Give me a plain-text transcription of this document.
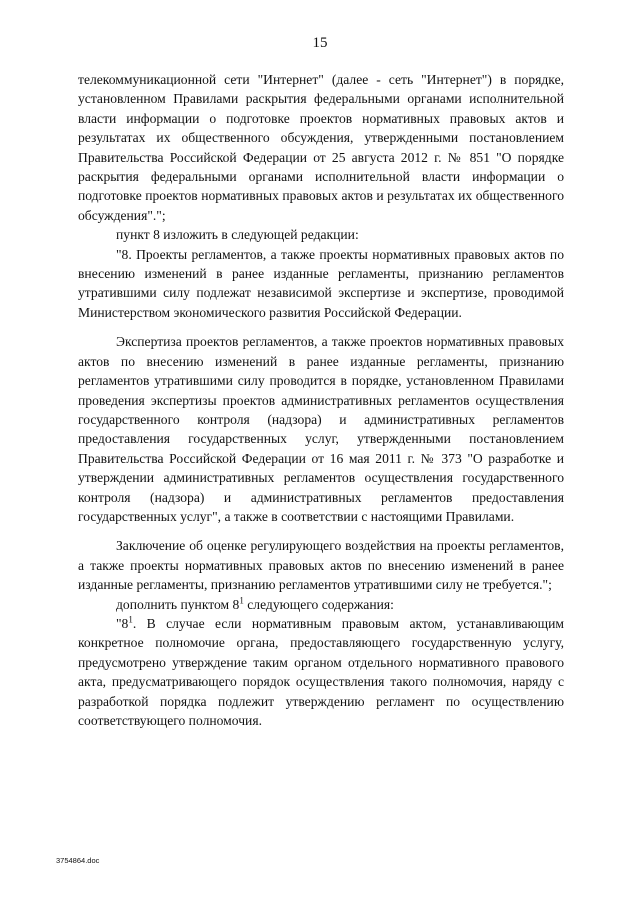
15

телекоммуникационной сети "Интернет" (далее - сеть "Интернет") в порядке, установленном Правилами раскрытия федеральными органами исполнительной власти информации о подготовке проектов нормативных правовых актов и результатах их общественного обсуждения, утвержденными постановлением Правительства Российской Федерации от 25 августа 2012 г. № 851 "О порядке раскрытия федеральными органами исполнительной власти информации о подготовке проектов нормативных правовых актов и результатах их общественного обсуждения".";

пункт 8 изложить в следующей редакции:

"8. Проекты регламентов, а также проекты нормативных правовых актов по внесению изменений в ранее изданные регламенты, признанию регламентов утратившими силу подлежат независимой экспертизе и экспертизе, проводимой Министерством экономического развития Российской Федерации.

Экспертиза проектов регламентов, а также проектов нормативных правовых актов по внесению изменений в ранее изданные регламенты, признанию регламентов утратившими силу проводится в порядке, установленном Правилами проведения экспертизы проектов административных регламентов осуществления государственного контроля (надзора) и административных регламентов предоставления государственных услуг, утвержденными постановлением Правительства Российской Федерации от 16 мая 2011 г. № 373 "О разработке и утверждении административных регламентов осуществления государственного контроля (надзора) и административных регламентов предоставления государственных услуг", а также в соответствии с настоящими Правилами.

Заключение об оценке регулирующего воздействия на проекты регламентов, а также проекты нормативных правовых актов по внесению изменений в ранее изданные регламенты, признанию регламентов утратившими силу не требуется.";

дополнить пунктом $8^1$ следующего содержания:

"$8^1$. В случае если нормативным правовым актом, устанавливающим конкретное полномочие органа, предоставляющего государственную услугу, предусмотрено утверждение таким органом отдельного нормативного правового акта, предусматривающего порядок осуществления такого полномочия, наряду с разработкой порядка подлежит утверждению регламент по осуществлению соответствующего полномочия.

3754864.doc
